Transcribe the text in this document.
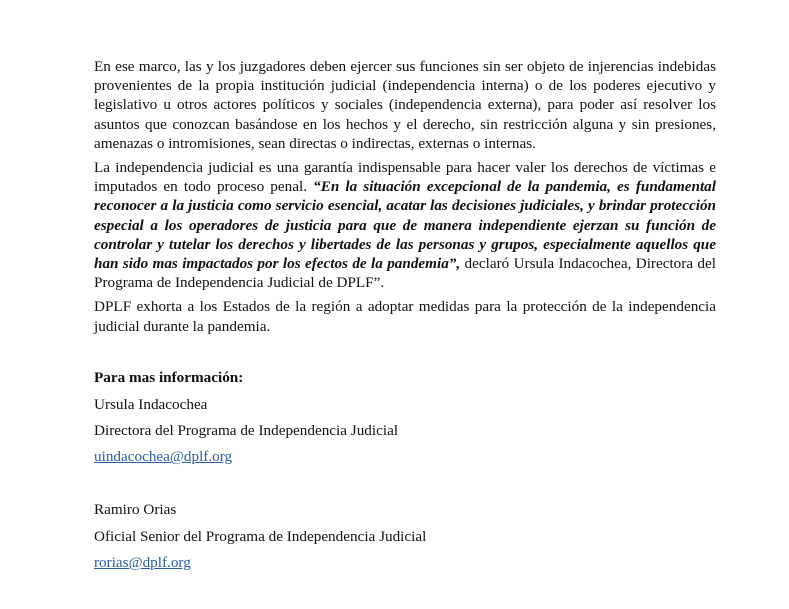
En ese marco, las y los juzgadores deben ejercer sus funciones sin ser objeto de injerencias indebidas provenientes de la propia institución judicial (independencia interna) o de los poderes ejecutivo y legislativo u otros actores políticos y sociales (independencia externa), para poder así resolver los asuntos que conozcan basándose en los hechos y el derecho, sin restricción alguna y sin presiones, amenazas o intromisiones, sean directas o indirectas, externas o internas.

La independencia judicial es una garantía indispensable para hacer valer los derechos de víctimas e imputados en todo proceso penal. “En la situación excepcional de la pandemia, es fundamental reconocer a la justicia como servicio esencial, acatar las decisiones judiciales, y brindar protección especial a los operadores de justicia para que de manera independiente ejerzan su función de controlar y tutelar los derechos y libertades de las personas y grupos, especialmente aquellos que han sido mas impactados por los efectos de la pandemia”, declaró Ursula Indacochea, Directora del Programa de Independencia Judicial de DPLF”.

DPLF exhorta a los Estados de la región a adoptar medidas para la protección de la independencia judicial durante la pandemia.

Para mas información:

Ursula Indacochea

Directora del Programa de Independencia Judicial

uindacochea@dplf.org

Ramiro Orias

Oficial Senior del Programa de Independencia Judicial

rorias@dplf.org
